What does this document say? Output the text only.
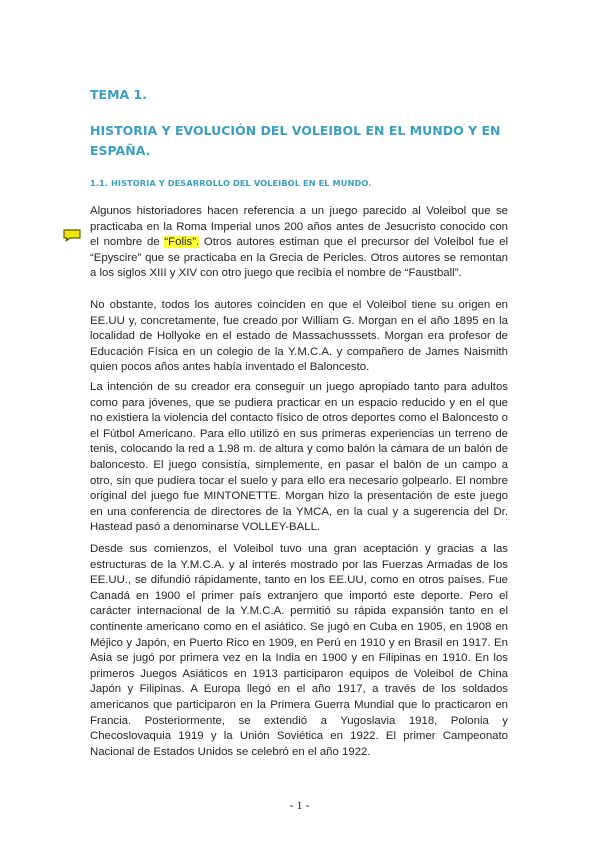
TEMA 1.
HISTORIA Y EVOLUCIÓN DEL VOLEIBOL EN EL MUNDO Y EN ESPAÑA.
1.1. HISTORIA Y DESARROLLO DEL VOLEIBOL EN EL MUNDO.

Algunos historiadores hacen referencia a un juego parecido al Voleibol que se practicaba en la Roma Imperial unos 200 años antes de Jesucristo conocido con el nombre de “Folis”. Otros autores estiman que el precursor del Voleibol fue el “Epyscire” que se practicaba en la Grecia de Pericles. Otros autores se remontan a los siglos XIII y XIV con otro juego que recibía el nombre de “Faustball”.

No obstante, todos los autores coinciden en que el Voleibol tiene su origen en EE.UU y, concretamente, fue creado por William G. Morgan en el año 1895 en la localidad de Hollyoke en el estado de Massachusssets. Morgan era profesor de Educación Física en un colegio de la Y.M.C.A. y compañero de James Naismith quien pocos años antes había inventado el Baloncesto.

La intención de su creador era conseguir un juego apropiado tanto para adultos como para jóvenes, que se pudiera practicar en un espacio reducido y en el que no existiera la violencia del contacto físico de otros deportes como el Baloncesto o el Fútbol Americano. Para ello utilizó en sus primeras experiencias un terreno de tenis, colocando la red a 1.98 m. de altura y como balón la cámara de un balón de baloncesto. El juego consistía, simplemente, en pasar el balón de un campo a otro, sin que pudiera tocar el suelo y para ello era necesario golpearlo. El nombre original del juego fue MINTONETTE. Morgan hizo la presentación de este juego en una conferencia de directores de la YMCA, en la cual y a sugerencia del Dr. Hastead pasó a denominarse VOLLEY-BALL.

Desde sus comienzos, el Voleibol tuvo una gran aceptación y gracias a las estructuras de la Y.M.C.A. y al interés mostrado por las Fuerzas Armadas de los EE.UU., se difundió rápidamente, tanto en los EE.UU, como en otros países. Fue Canadá en 1900 el primer país extranjero que importó este deporte. Pero el carácter internacional de la Y.M.C.A. permitió su rápida expansión tanto en el continente americano como en el asiático. Se jugó en Cuba en 1905, en 1908 en Méjico y Japón, en Puerto Rico en 1909, en Perú en 1910 y en Brasil en 1917. En Asia se jugó por primera vez en la India en 1900 y en Filipinas en 1910. En los primeros Juegos Asiáticos en 1913 participaron equipos de Voleibol de China Japón y Filipinas. A Europa llegó en el año 1917, a través de los soldados americanos que participaron en la Primera Guerra Mundial que lo practicaron en Francia. Posteriormente, se extendió a Yugoslavia 1918, Polonia y Checoslovaquia 1919 y la Unión Soviética en 1922. El primer Campeonato Nacional de Estados Unidos se celebró en el año 1922.

- 1 -
